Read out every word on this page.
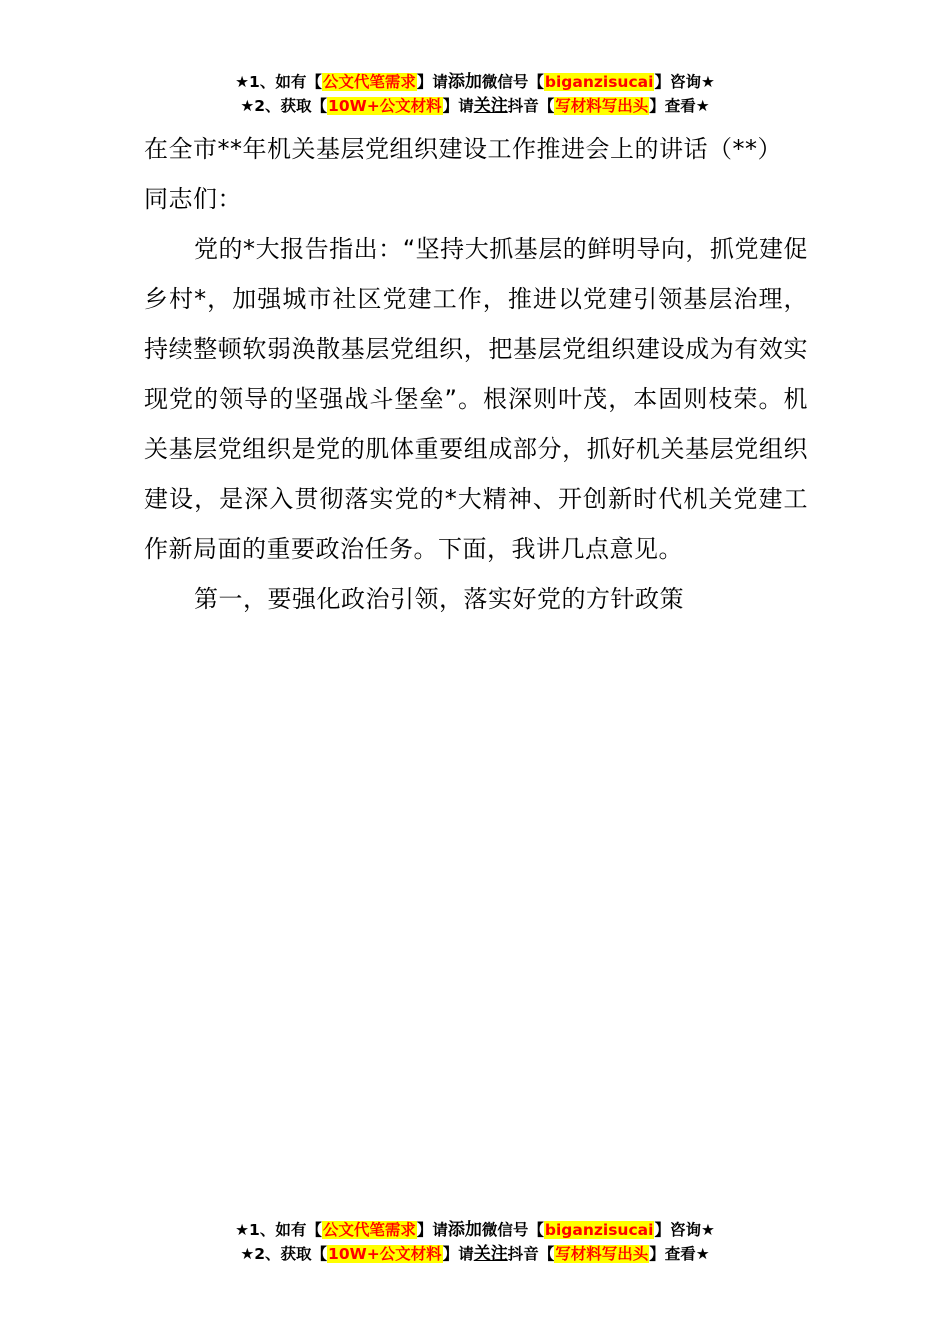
★1、如有【公文代笔需求】请添加微信号【biganzisucai】咨询★
★2、获取【10W+公文材料】请关注抖音【写材料写出头】查看★

在全市**年机关基层党组织建设工作推进会上的讲话（**）

同志们：

党的*大报告指出：“坚持大抓基层的鲜明导向，抓党建促乡村*，加强城市社区党建工作，推进以党建引领基层治理，持续整顿软弱涣散基层党组织，把基层党组织建设成为有效实现党的领导的坚强战斗堡垒”。根深则叶茂，本固则枝荣。机关基层党组织是党的肌体重要组成部分，抓好机关基层党组织建设，是深入贯彻落实党的*大精神、开创新时代机关党建工作新局面的重要政治任务。下面，我讲几点意见。

第一，要强化政治引领，落实好党的方针政策

★1、如有【公文代笔需求】请添加微信号【biganzisucai】咨询★
★2、获取【10W+公文材料】请关注抖音【写材料写出头】查看★
